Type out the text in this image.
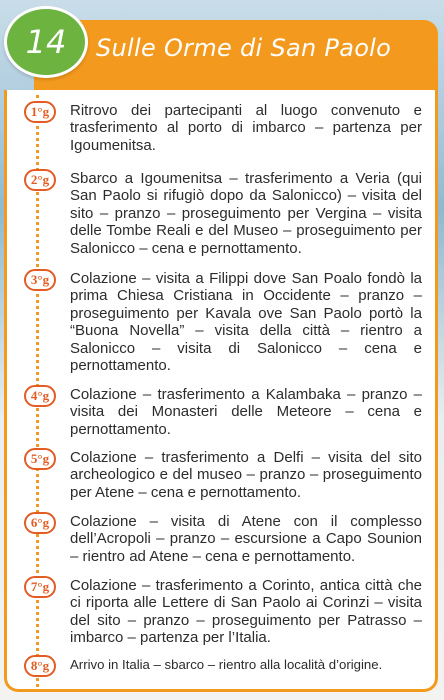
Sulle Orme di San Paolo
14
1°g	Ritrovo dei partecipanti al luogo convenuto e trasferimento al porto di imbarco – partenza per Igoumenitsa.
2°g	Sbarco a Igoumenitsa – trasferimento a Veria (qui San Paolo si rifugiò dopo da Salonicco) – visita del sito – pranzo – proseguimento per Vergina – visita delle Tombe Reali e del Museo – proseguimento per Salonicco – cena e pernottamento.
3°g	Colazione – visita a Filippi dove San Poalo fondò la prima Chiesa Cristiana in Occidente – pranzo – proseguimento per Kavala ove San Paolo portò la “Buona Novella” – visita della città – rientro a Salonicco – visita di Salonicco – cena e pernottamento.
4°g	Colazione – trasferimento a Kalambaka – pranzo – visita dei Monasteri delle Meteore – cena e pernottamento.
5°g	Colazione – trasferimento a Delfi – visita del sito archeologico e del museo – pranzo – proseguimento per Atene – cena e pernottamento.
6°g	Colazione – visita di Atene con il complesso dell’Acropoli – pranzo – escursione a Capo Sounion – rientro ad Atene – cena e pernottamento.
7°g	Colazione – trasferimento a Corinto, antica città che ci riporta alle Lettere di San Paolo ai Corinzi – visita del sito – pranzo – proseguimento per Patrasso – imbarco – partenza per l’Italia.
8°g	Arrivo in Italia – sbarco – rientro alla località d’origine.
